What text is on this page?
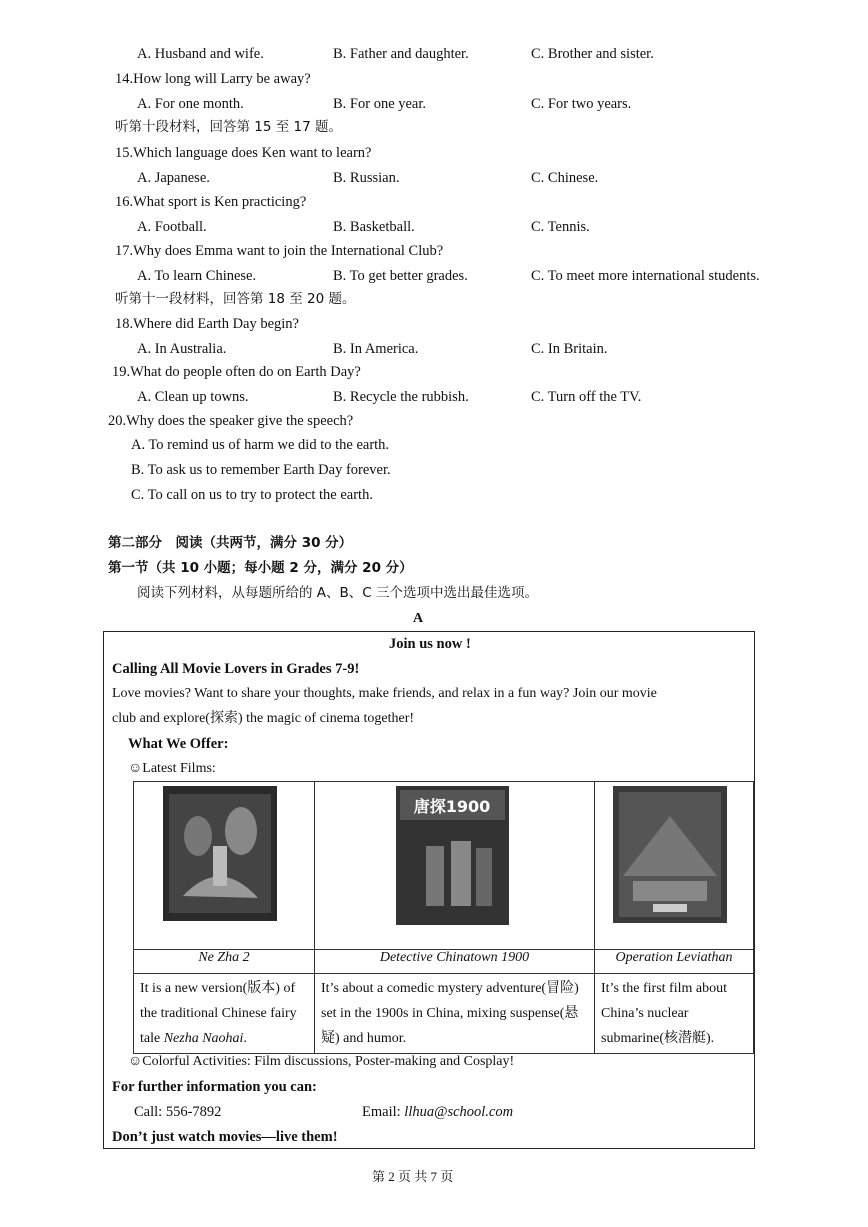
A. Husband and wife.	B. Father and daughter.	C. Brother and sister.
14.How long will Larry be away?
A. For one month.	B. For one year.	C. For two years.
听第十段材料，回答第 15 至 17 题。
15.Which language does Ken want to learn?
A. Japanese.	B. Russian.	C. Chinese.
16.What sport is Ken practicing?
A. Football.	B. Basketball.	C. Tennis.
17.Why does Emma want to join the International Club?
A. To learn Chinese.	B. To get better grades.	C. To meet more international students.
听第十一段材料，回答第 18 至 20 题。
18.Where did Earth Day begin?
A. In Australia.	B. In America.	C. In Britain.
19.What do people often do on Earth Day?
A. Clean up towns.	B. Recycle the rubbish.	C. Turn off the TV.
20.Why does the speaker give the speech?
A. To remind us of harm we did to the earth.
B. To ask us to remember Earth Day forever.
C. To call on us to try to protect the earth.
第二部分　阅读（共两节，满分 30 分）
第一节（共 10 小题；每小题 2 分，满分 20 分）
阅读下列材料，从每题所给的 A、B、C 三个选项中选出最佳选项。
A
Join us now !
Calling All Movie Lovers in Grades 7-9!
Love movies? Want to share your thoughts, make friends, and relax in a fun way? Join our movie
club and explore(探索) the magic of cinema together!
What We Offer:
☺Latest Films:

唐探1900

Ne Zha 2	Detective Chinatown 1900	Operation Leviathan
It is a new version(版本) of the traditional Chinese fairy tale Nezha Naohai.	It’s about a comedic mystery adventure(冒险) set in the 1900s in China, mixing suspense(悬疑) and humor.	It’s the first film about China’s nuclear submarine(核潜艇).
☺Colorful Activities: Film discussions, Poster-making and Cosplay!
For further information you can:
Call: 556-7892	Email: llhua@school.com
Don’t just watch movies—live them!
第 2 页 共 7 页
